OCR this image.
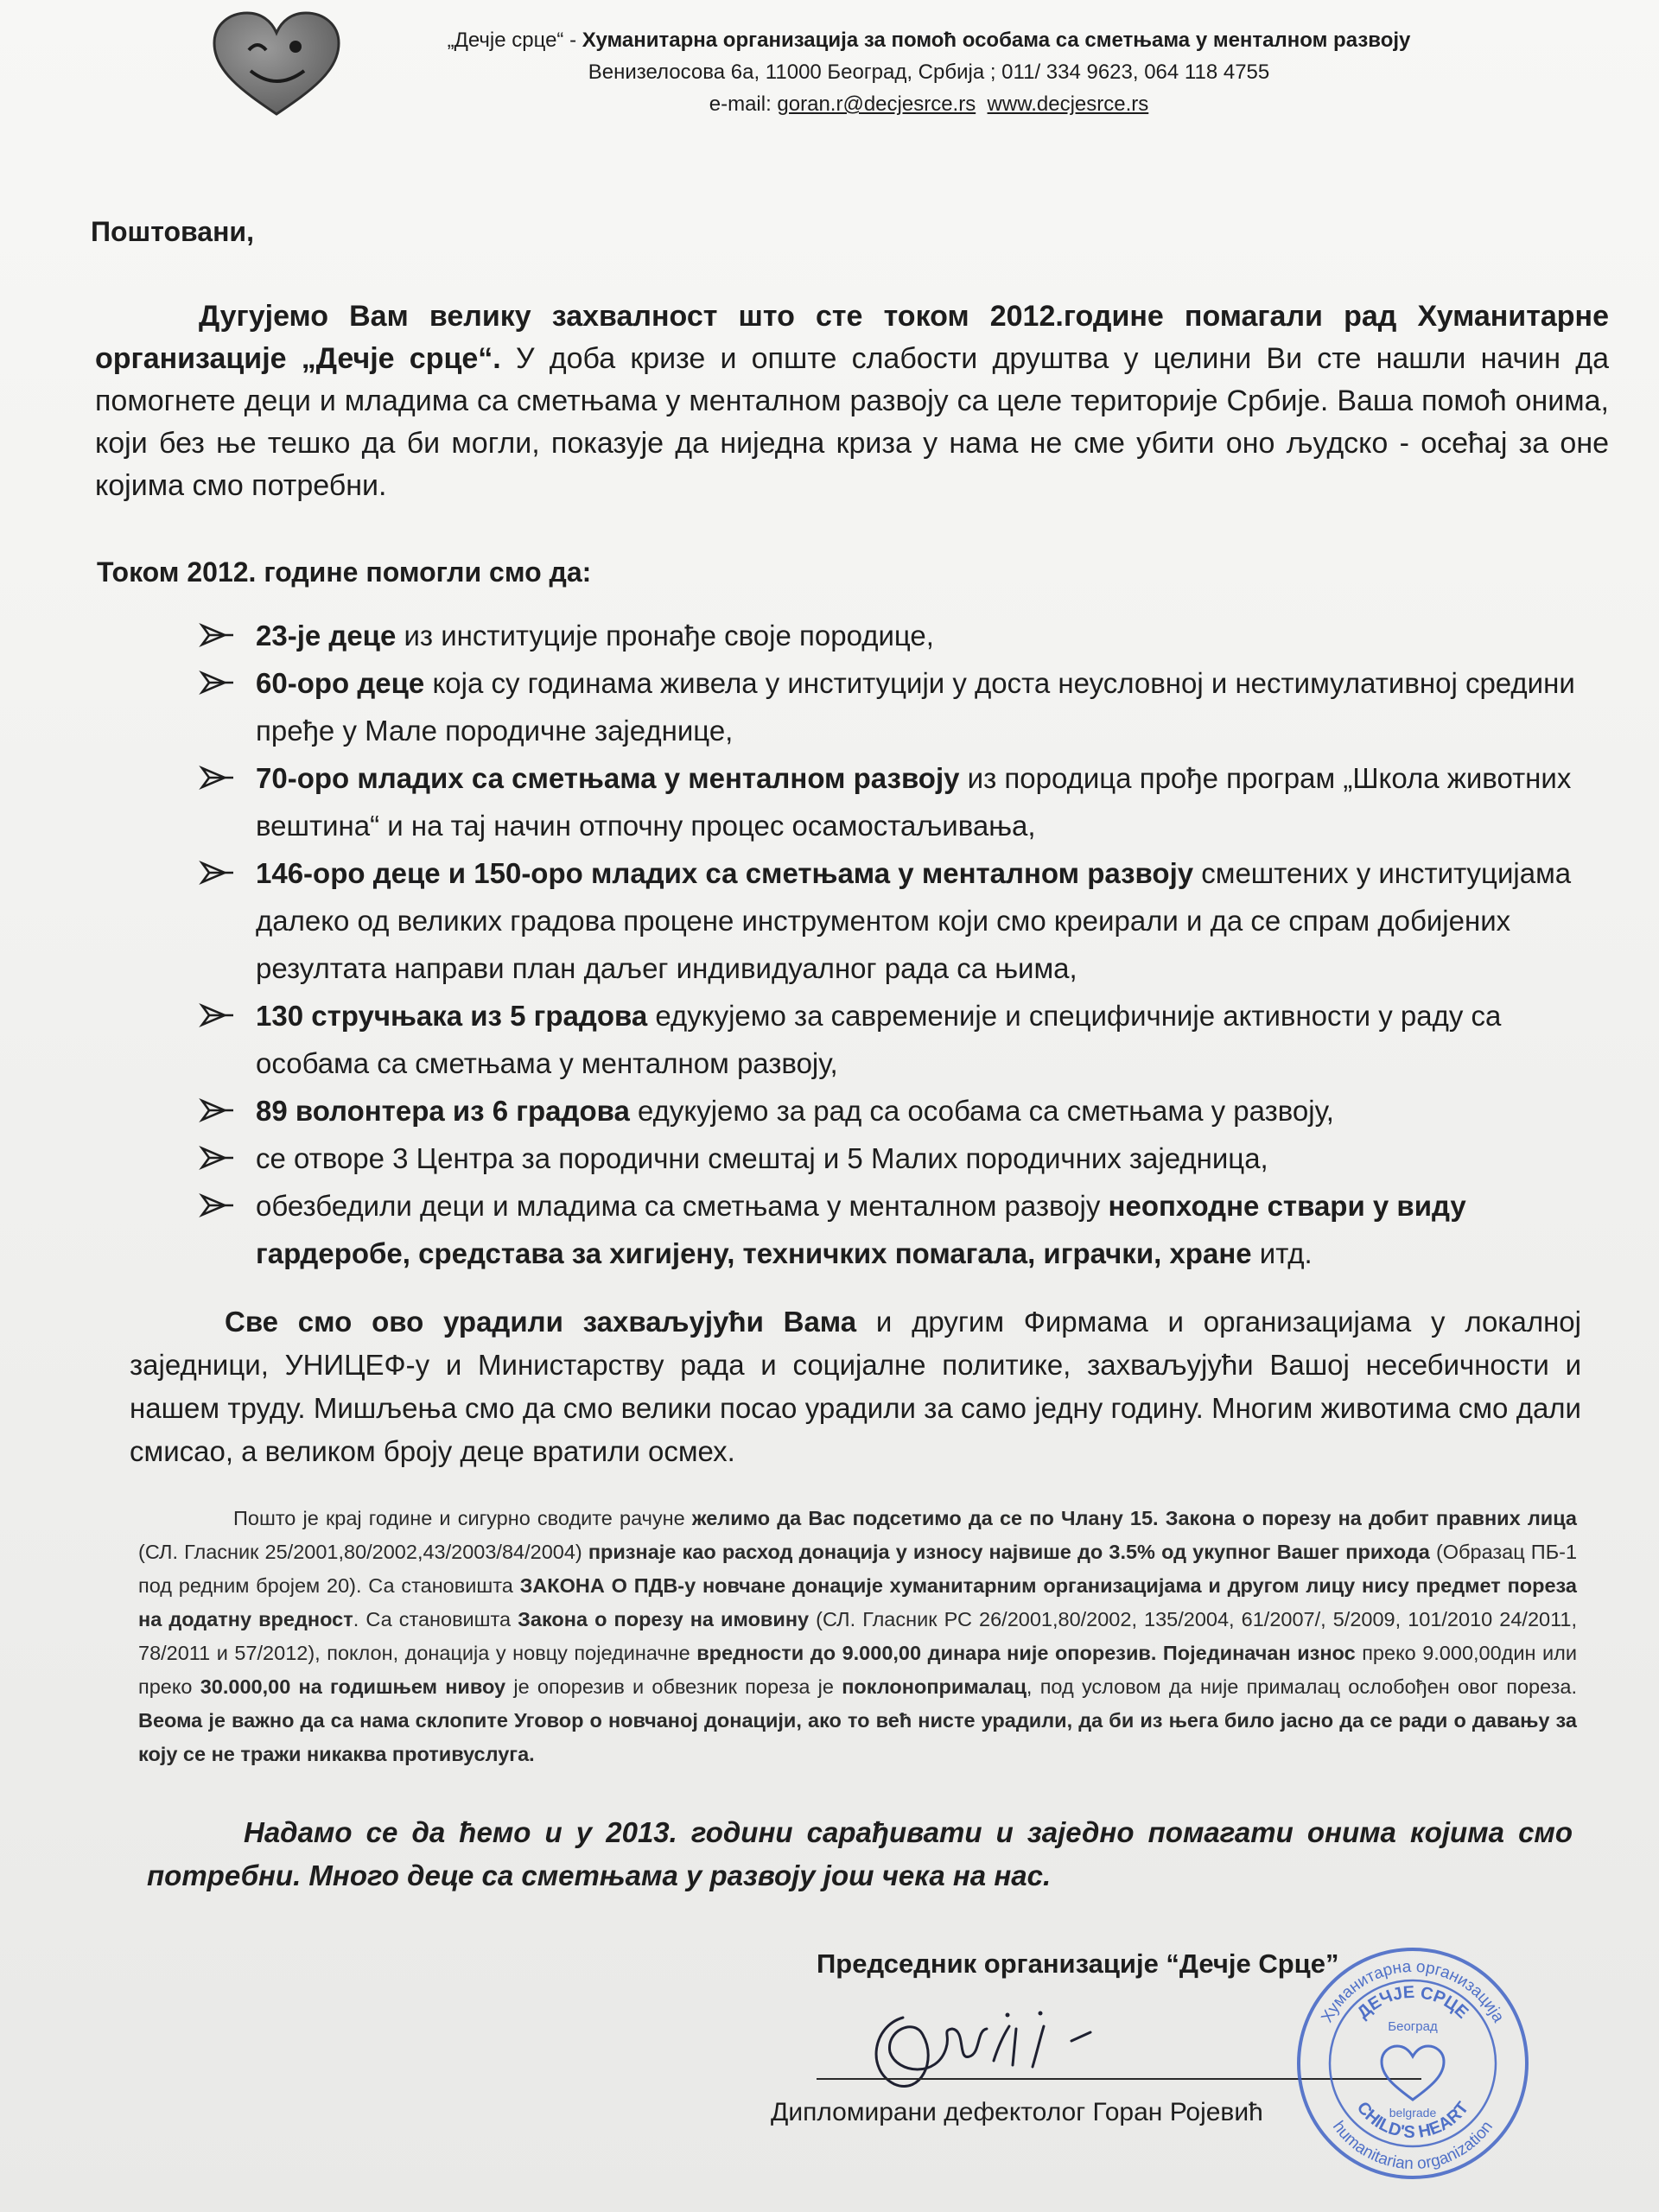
„Дечје срце“ - Хуманитарна организација за помоћ особама са сметњама у менталном развоју
Венизелосова 6а, 11000 Београд, Србија ; 011/ 334 9623, 064 118 4755
e-mail: goran.r@decjesrce.rs www.decjesrce.rs
Поштовани,
Дугујемо Вам велику захвалност што сте током 2012.године помагали рад Хуманитарне организације „Дечје срце“. У доба кризе и опште слабости друштва у целини Ви сте нашли начин да помогнете деци и младима са сметњама у менталном развоју са целе територије Србије. Ваша помоћ онима, који без ње тешко да би могли, показује да ниједна криза у нама не сме убити оно људско - осећај за оне којима смо потребни.
Током 2012. године помогли смо да:

23-је деце из институције пронађе своје породице,

60-оро деце која су годинама живела у институцији у доста неусловној и нестимулативној средини пређе у Мале породичне заједнице,

70-оро младих са сметњама у менталном развоју из породица прође програм „Школа животних вештина“ и на тај начин отпочну процес осамостаљивања,

146-оро деце и 150-оро младих са сметњама у менталном развоју смештених у институцијама далеко од великих градова процене инструментом који смо креирали и да се спрам добијених резултата направи план даљег индивидуалног рада са њима,

130 стручњака из 5 градова едукујемо за савременије и специфичније активности у раду са особама са сметњама у менталном развоју,

89 волонтера из 6 градова едукујемо за рад са особама са сметњама у развоју,

се отворе 3 Центра за породични смештај и 5 Малих породичних заједница,

обезбедили деци и младима са сметњама у менталном развоју неопходне ствари у виду гардеробе, средстава за хигијену, техничких помагала, играчки, хране итд.

Све смо ово урадили захваљујући Вама и другим Фирмама и организацијама у локалној заједници, УНИЦЕФ-у и Министарству рада и социјалне политике, захваљујући Вашој несебичности и нашем труду. Мишљења смо да смо велики посао урадили за само једну годину. Многим животима смо дали смисао, а великом броју деце вратили осмех.
Пошто је крај године и сигурно сводите рачуне желимо да Вас подсетимо да се по Члану 15. Закона о порезу на добит правних лица (СЛ. Гласник 25/2001,80/2002,43/2003/84/2004) признаје као расход донација у износу највише до 3.5% од укупног Вашег прихода (Образац ПБ-1 под редним бројем 20). Са становишта ЗАКОНА О ПДВ-у новчане донације хуманитарним организацијама и другом лицу нису предмет пореза на додатну вредност. Са становишта Закона о порезу на имовину (СЛ. Гласник РС 26/2001,80/2002, 135/2004, 61/2007/, 5/2009, 101/2010 24/2011, 78/2011 и 57/2012), поклон, донација у новцу појединачне вредности до 9.000,00 динара није опорезив. Појединачан износ преко 9.000,00дин или преко 30.000,00 на годишњем нивоу је опорезив и обвезник пореза је поклонопрималац, под условом да није прималац ослобођен овог пореза. Веома је важно да са нама склопите Уговор о новчаној донацији, ако то већ нисте урадили, да би из њега било јасно да се ради о давању за коју се не тражи никаква противуслуга.
Надамо се да ћемо и у 2013. години сарађивати и заједно помагати онима којима смо потребни. Много деце са сметњама у развоју још чека на нас.
Председник организације “Дечје Срце”
Дипломирани дефектолог Горан Ројевић
Хуманитарна организација
humanitarian organization
ДЕЧЈЕ СРЦЕ
CHILD'S HEART
Београд
belgrade
